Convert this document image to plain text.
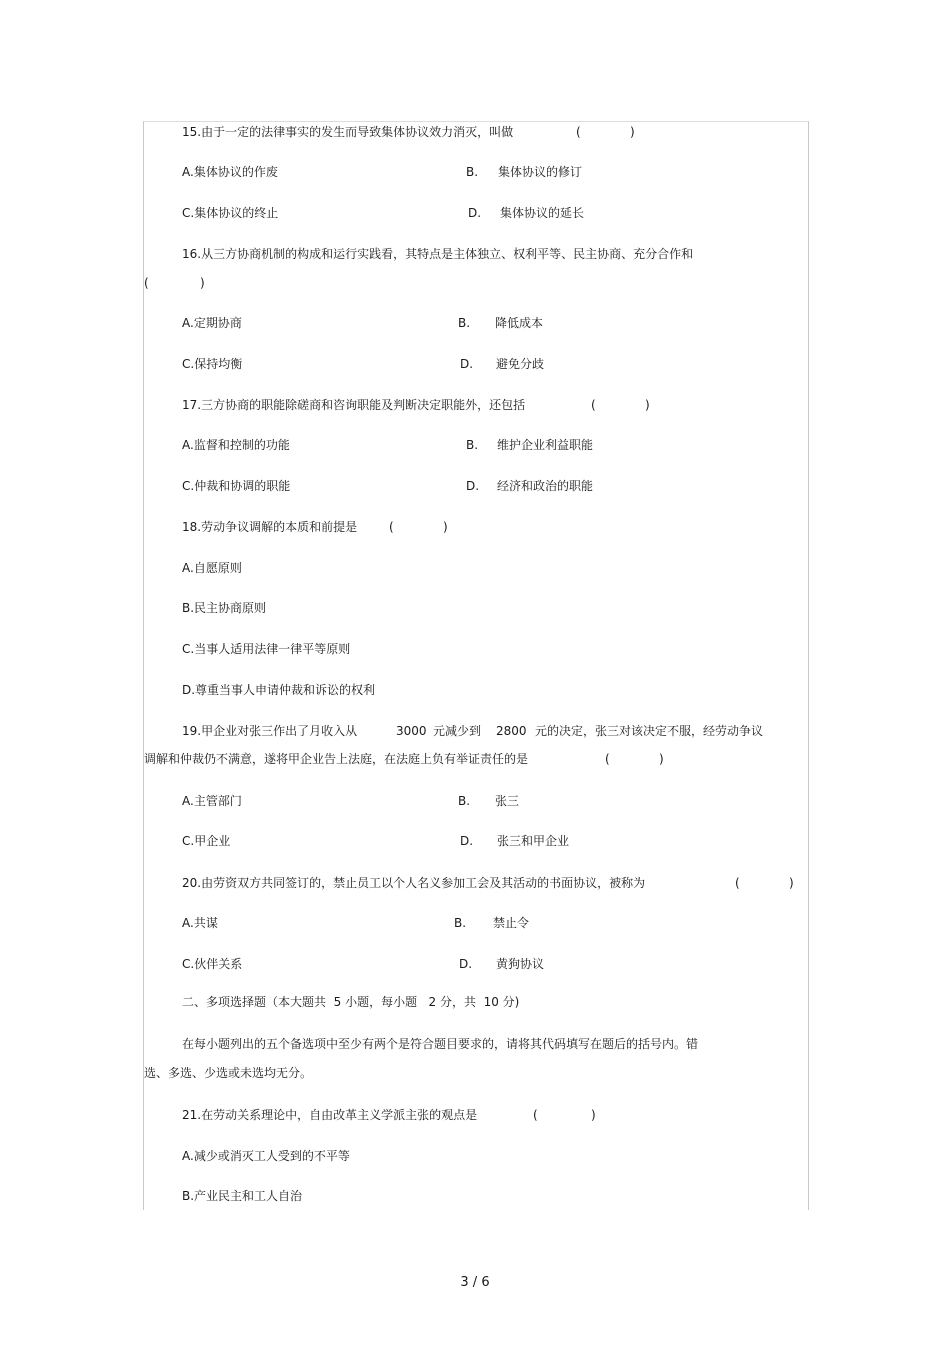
15.由于一定的法律事实的发生而导致集体协议效力消灭，叫做	(	)
A.集体协议的作废	B. 集体协议的修订
C.集体协议的终止	D. 集体协议的延长
16.从三方协商机制的构成和运行实践看，其特点是主体独立、权利平等、民主协商、充分合作和
(	)
A.定期协商	B. 降低成本
C.保持均衡	D. 避免分歧
17.三方协商的职能除磋商和咨询职能及判断决定职能外，还包括	(	)
A.监督和控制的功能	B. 维护企业利益职能
C.仲裁和协调的职能	D. 经济和政治的职能
18.劳动争议调解的本质和前提是	(	)
A.自愿原则
B.民主协商原则
C.当事人适用法律一律平等原则
D.尊重当事人申请仲裁和诉讼的权利
19.甲企业对张三作出了月收入从	3000 元减少到 2800 元的决定，张三对该决定不服，经劳动争议
调解和仲裁仍不满意，遂将甲企业告上法庭，在法庭上负有举证责任的是	(	)
A.主管部门	B. 张三
C.甲企业	D. 张三和甲企业
20.由劳资双方共同签订的，禁止员工以个人名义参加工会及其活动的书面协议，被称为	(	)
A.共谋	B. 禁止令
C.伙伴关系	D. 黄狗协议
二、多项选择题（本大题共  5 小题，每小题   2 分，共  10 分)
在每小题列出的五个备选项中至少有两个是符合题目要求的，请将其代码填写在题后的括号内。错
选、多选、少选或未选均无分。
21.在劳动关系理论中，自由改革主义学派主张的观点是	(	)
A.减少或消灭工人受到的不平等
B.产业民主和工人自治
3 / 6
